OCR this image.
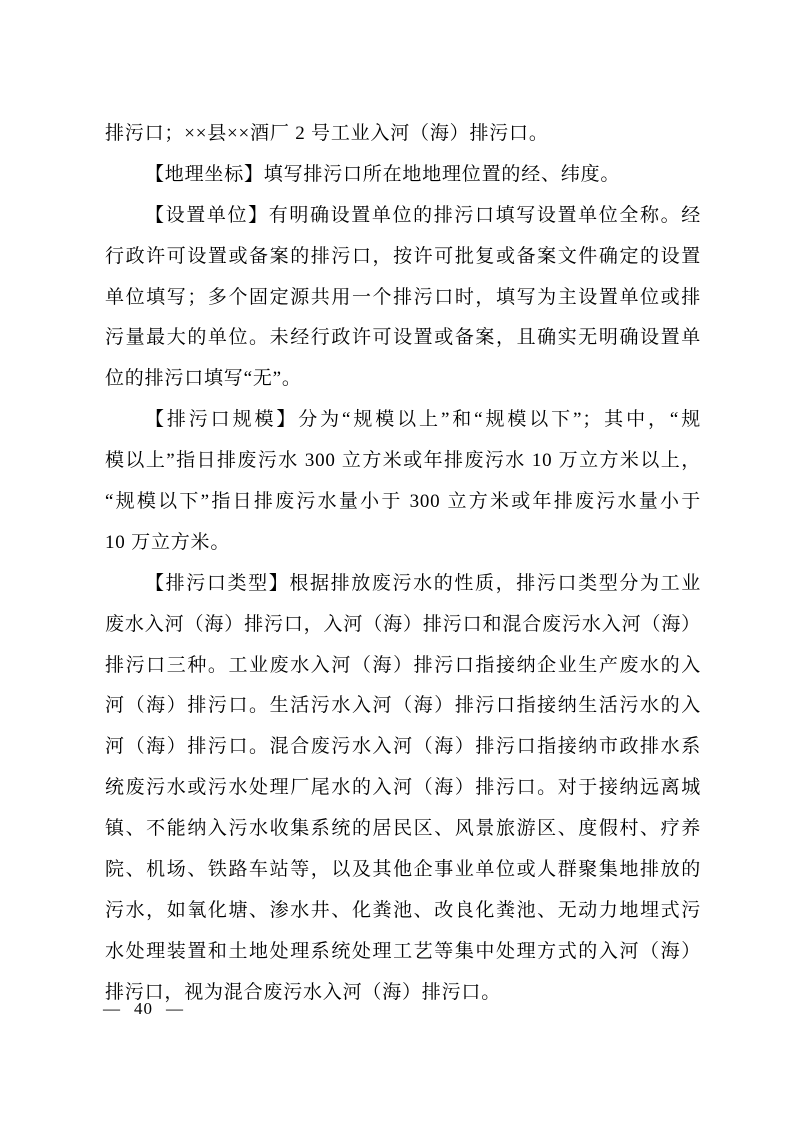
排污口；××县××酒厂 2 号工业入河（海）排污口。
【地理坐标】填写排污口所在地地理位置的经、纬度。
【设置单位】有明确设置单位的排污口填写设置单位全称。经
行政许可设置或备案的排污口，按许可批复或备案文件确定的设置
单位填写；多个固定源共用一个排污口时，填写为主设置单位或排
污量最大的单位。未经行政许可设置或备案，且确实无明确设置单
位的排污口填写“无”。
【排污口规模】分为“规模以上”和“规模以下”；其中，“规
模以上”指日排废污水 300 立方米或年排废污水 10 万立方米以上，
“规模以下”指日排废污水量小于 300 立方米或年排废污水量小于
10 万立方米。
【排污口类型】根据排放废污水的性质，排污口类型分为工业
废水入河（海）排污口，入河（海）排污口和混合废污水入河（海）
排污口三种。工业废水入河（海）排污口指接纳企业生产废水的入
河（海）排污口。生活污水入河（海）排污口指接纳生活污水的入
河（海）排污口。混合废污水入河（海）排污口指接纳市政排水系
统废污水或污水处理厂尾水的入河（海）排污口。对于接纳远离城
镇、不能纳入污水收集系统的居民区、风景旅游区、度假村、疗养
院、机场、铁路车站等，以及其他企事业单位或人群聚集地排放的
污水，如氧化塘、渗水井、化粪池、改良化粪池、无动力地埋式污
水处理装置和土地处理系统处理工艺等集中处理方式的入河（海）
排污口，视为混合废污水入河（海）排污口。
— 40 —
